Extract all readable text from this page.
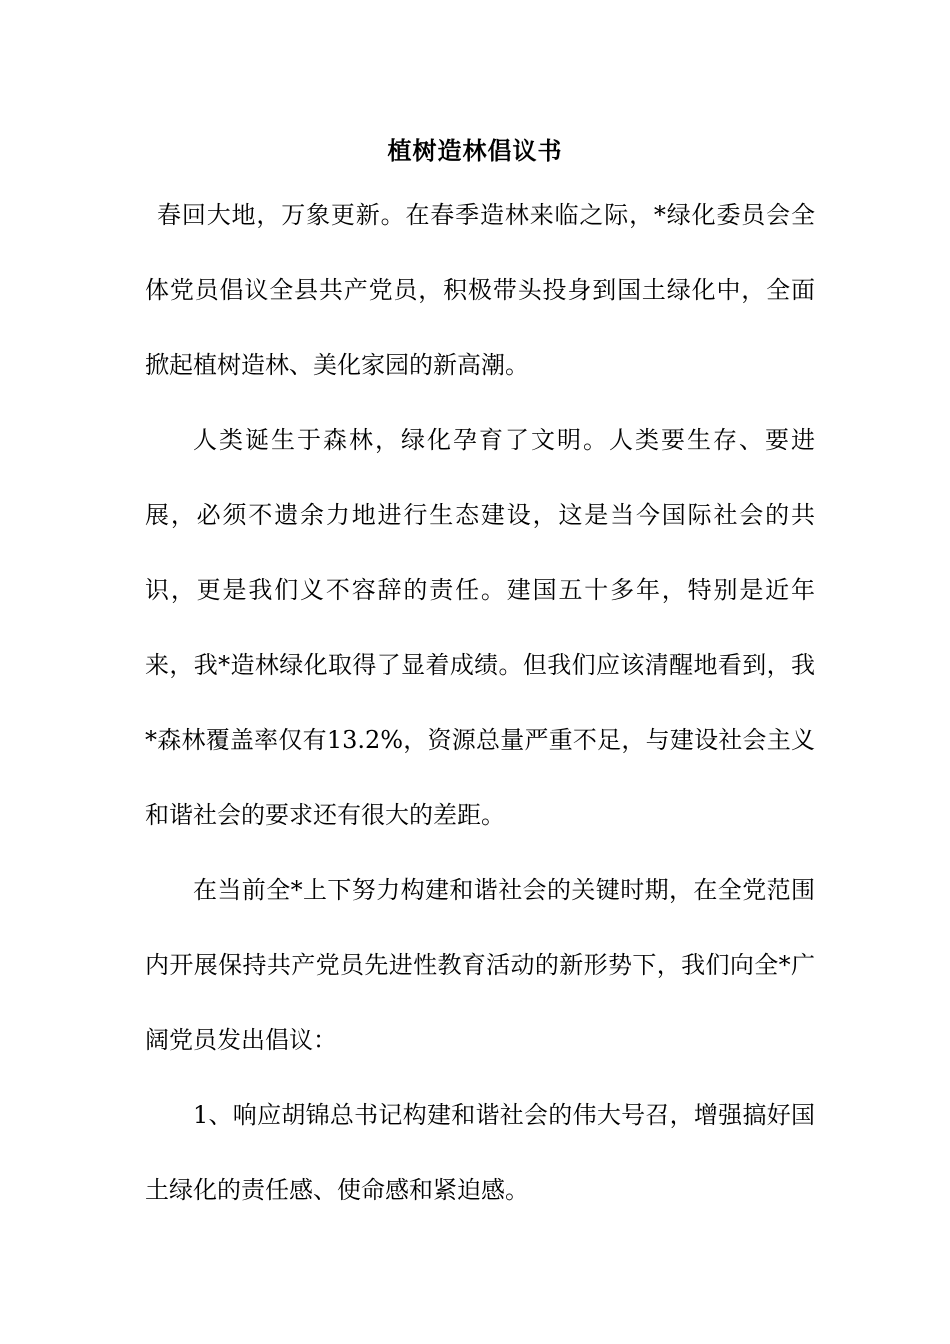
植树造林倡议书

春回大地，万象更新。在春季造林来临之际，*绿化委员会全体党员倡议全县共产党员，积极带头投身到国土绿化中，全面掀起植树造林、美化家园的新高潮。

人类诞生于森林，绿化孕育了文明。人类要生存、要进展，必须不遗余力地进行生态建设，这是当今国际社会的共识，更是我们义不容辞的责任。建国五十多年，特别是近年来，我*造林绿化取得了显着成绩。但我们应该清醒地看到，我*森林覆盖率仅有13.2%，资源总量严重不足，与建设社会主义和谐社会的要求还有很大的差距。

在当前全*上下努力构建和谐社会的关键时期，在全党范围内开展保持共产党员先进性教育活动的新形势下，我们向全*广阔党员发出倡议：

1、响应胡锦总书记构建和谐社会的伟大号召，增强搞好国土绿化的责任感、使命感和紧迫感。
